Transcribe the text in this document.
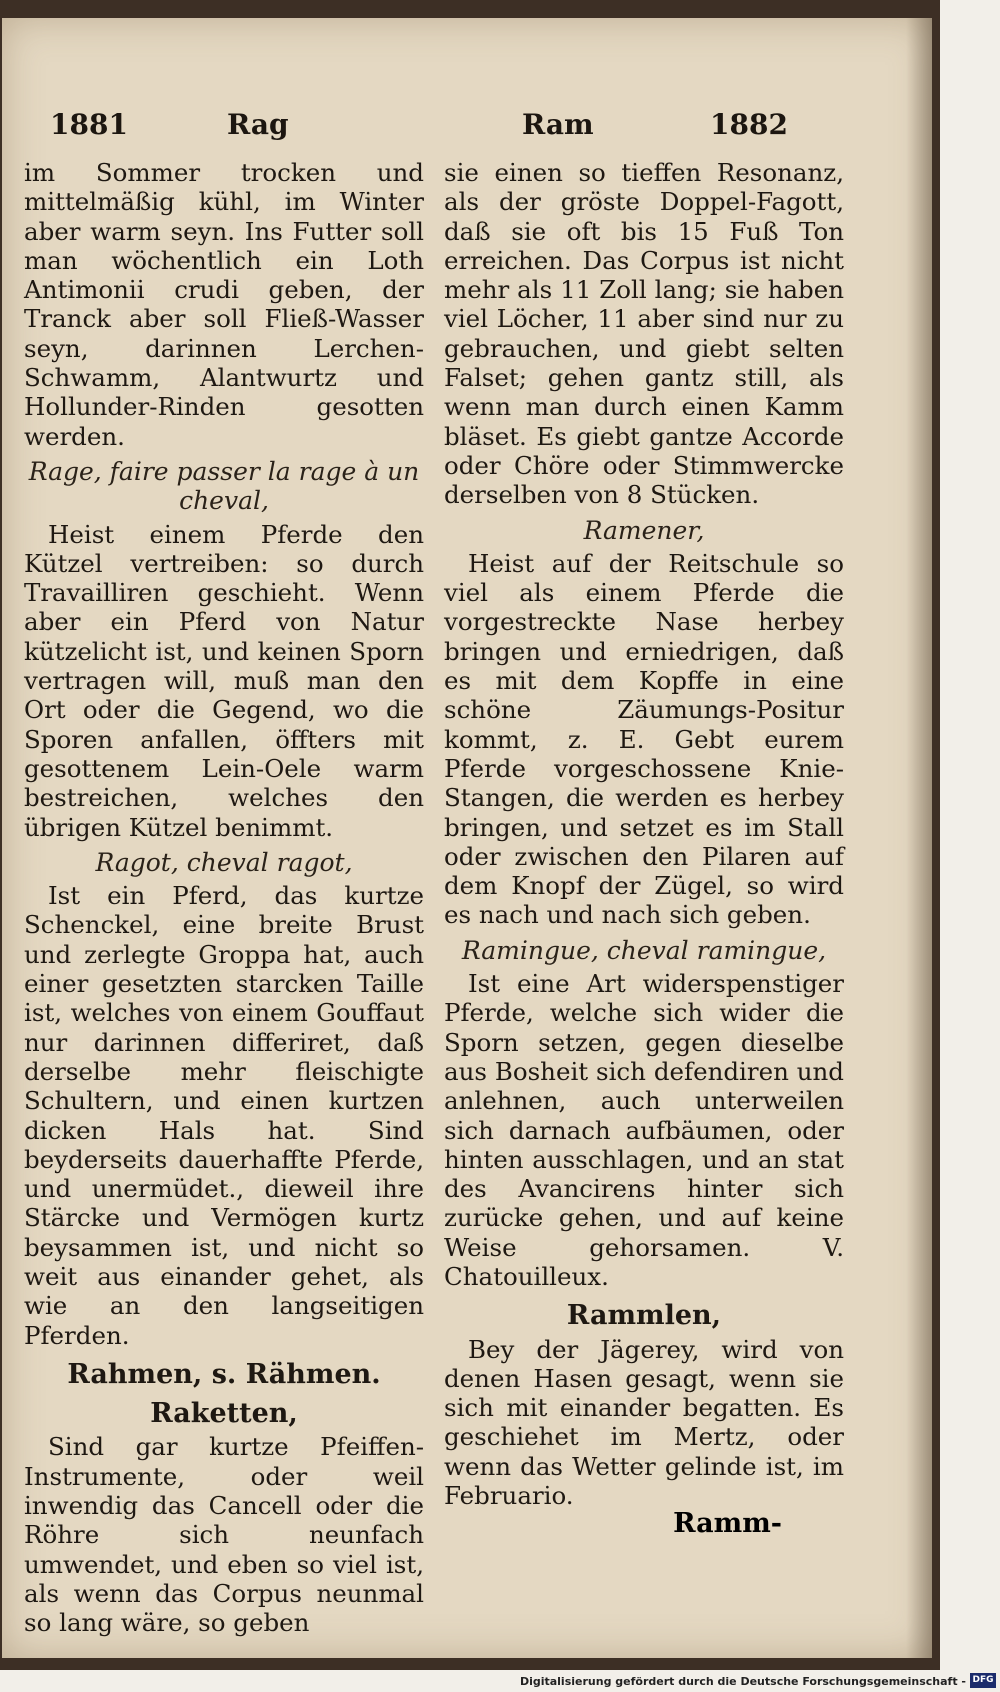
1881	Rag	Ram	1882

im Sommer trocken und mittelmäßig kühl, im Winter aber warm seyn. Ins Futter soll man wöchentlich ein Loth Antimonii crudi geben, der Tranck aber soll Fließ-Wasser seyn, darinnen Lerchen-Schwamm, Alantwurtz und Hollunder-Rinden gesotten werden.

Rage, faire passer la rage à un cheval,

Heist einem Pferde den Kützel vertreiben: so durch Travailliren geschieht. Wenn aber ein Pferd von Natur kützelicht ist, und keinen Sporn vertragen will, muß man den Ort oder die Gegend, wo die Sporen anfallen, öffters mit gesottenem Lein-Oele warm bestreichen, welches den übrigen Kützel benimmt.

Ragot, cheval ragot,

Ist ein Pferd, das kurtze Schenckel, eine breite Brust und zerlegte Groppa hat, auch einer gesetzten starcken Taille ist, welches von einem Gouffaut nur darinnen differiret, daß derselbe mehr fleischigte Schultern, und einen kurtzen dicken Hals hat. Sind beyderseits dauerhaffte Pferde, und unermüdet., dieweil ihre Stärcke und Vermögen kurtz beysammen ist, und nicht so weit aus einander gehet, als wie an den langseitigen Pferden.

Rahmen, s. Rähmen.

Raketten,

Sind gar kurtze Pfeiffen-Instrumente, oder weil inwendig das Cancell oder die Röhre sich neunfach umwendet, und eben so viel ist, als wenn das Corpus neunmal so lang wäre, so geben

sie einen so tieffen Resonanz, als der gröste Doppel-Fagott, daß sie oft bis 15 Fuß Ton erreichen. Das Corpus ist nicht mehr als 11 Zoll lang; sie haben viel Löcher, 11 aber sind nur zu gebrauchen, und giebt selten Falset; gehen gantz still, als wenn man durch einen Kamm bläset. Es giebt gantze Accorde oder Chöre oder Stimmwercke derselben von 8 Stücken.

Ramener,

Heist auf der Reitschule so viel als einem Pferde die vorgestreckte Nase herbey bringen und erniedrigen, daß es mit dem Kopffe in eine schöne Zäumungs-Positur kommt, z. E. Gebt eurem Pferde vorgeschossene Knie-Stangen, die werden es herbey bringen, und setzet es im Stall oder zwischen den Pilaren auf dem Knopf der Zügel, so wird es nach und nach sich geben.

Ramingue, cheval ramingue,

Ist eine Art widerspenstiger Pferde, welche sich wider die Sporn setzen, gegen dieselbe aus Bosheit sich defendiren und anlehnen, auch unterweilen sich darnach aufbäumen, oder hinten ausschlagen, und an stat des Avancirens hinter sich zurücke gehen, und auf keine Weise gehorsamen. V. Chatouilleux.

Rammlen,

Bey der Jägerey, wird von denen Hasen gesagt, wenn sie sich mit einander begatten. Es geschiehet im Mertz, oder wenn das Wetter gelinde ist, im Februario.

Ramm-
Digitalisierung gefördert durch die Deutsche Forschungsgemeinschaft - DFG
